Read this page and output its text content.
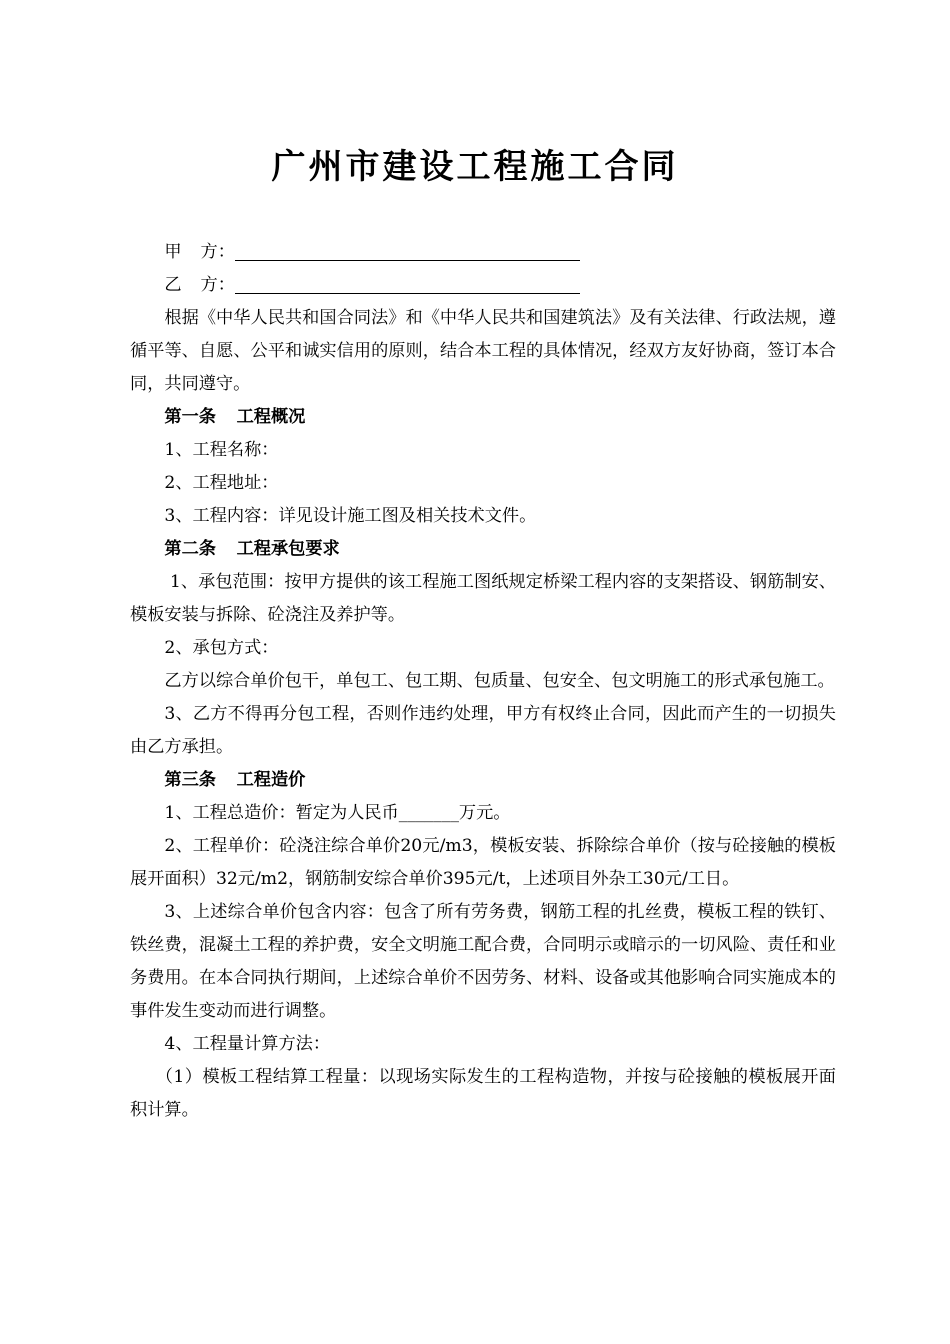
广州市建设工程施工合同

甲 方：

乙 方：

根据《中华人民共和国合同法》和《中华人民共和国建筑法》及有关法律、行政法规，遵循平等、自愿、公平和诚实信用的原则，结合本工程的具体情况，经双方友好协商，签订本合同，共同遵守。

第一条 工程概况

1、工程名称：

2、工程地址：

3、工程内容：详见设计施工图及相关技术文件。

第二条 工程承包要求

1、承包范围：按甲方提供的该工程施工图纸规定桥梁工程内容的支架搭设、钢筋制安、模板安装与拆除、砼浇注及养护等。

2、承包方式：

乙方以综合单价包干，单包工、包工期、包质量、包安全、包文明施工的形式承包施工。

3、乙方不得再分包工程，否则作违约处理，甲方有权终止合同，因此而产生的一切损失由乙方承担。

第三条 工程造价

1、工程总造价：暂定为人民币_______万元。

2、工程单价：砼浇注综合单价20元/m3，模板安装、拆除综合单价（按与砼接触的模板展开面积）32元/m2，钢筋制安综合单价395元/t，上述项目外杂工30元/工日。

3、上述综合单价包含内容：包含了所有劳务费，钢筋工程的扎丝费，模板工程的铁钉、铁丝费，混凝土工程的养护费，安全文明施工配合费，合同明示或暗示的一切风险、责任和业务费用。在本合同执行期间，上述综合单价不因劳务、材料、设备或其他影响合同实施成本的事件发生变动而进行调整。

4、工程量计算方法：

（1）模板工程结算工程量：以现场实际发生的工程构造物，并按与砼接触的模板展开面积计算。
